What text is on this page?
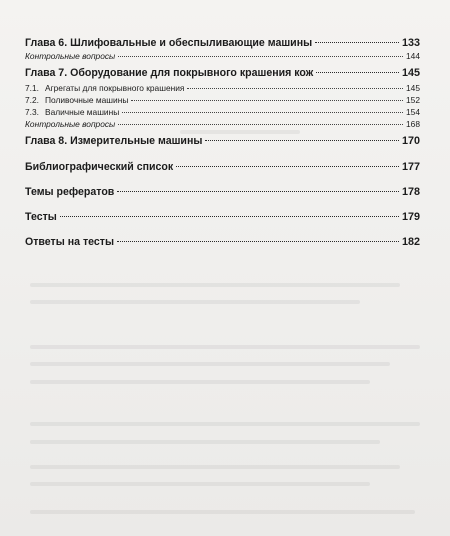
Глава 6. Шлифовальные и обеспыливающие машины	133
Контрольные вопросы	144
Глава 7. Оборудование для покрывного крашения кож	145
7.1. Агрегаты для покрывного крашения	145
7.2. Поливочные машины	152
7.3. Валичные машины	154
Контрольные вопросы	168
Глава 8. Измерительные машины	170
Библиографический список	177
Темы рефератов	178
Тесты	179
Ответы на тесты	182
